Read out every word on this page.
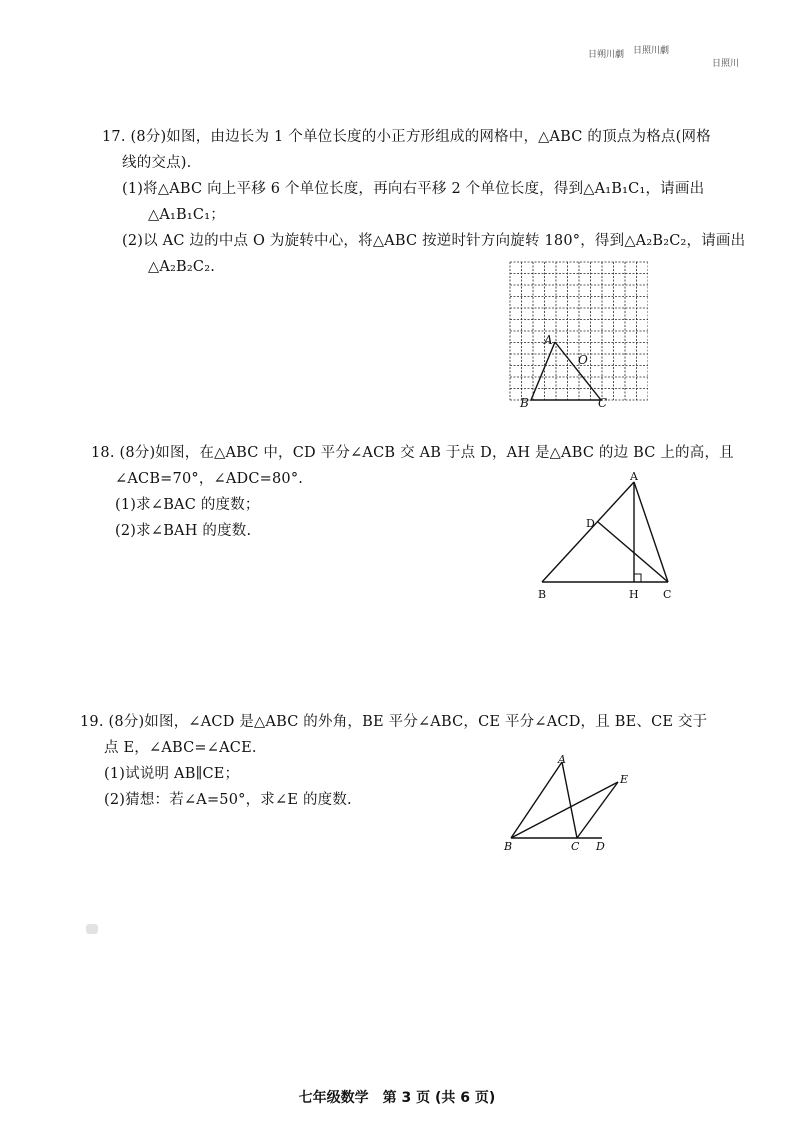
日朔川劇 日照川劇
日照川
17. (8分)如图，由边长为 1 个单位长度的小正方形组成的网格中，△ABC 的顶点为格点(网格
线的交点).
(1)将△ABC 向上平移 6 个单位长度，再向右平移 2 个单位长度，得到△A₁B₁C₁，请画出
△A₁B₁C₁；
(2)以 AC 边的中点 O 为旋转中心，将△ABC 按逆时针方向旋转 180°，得到△A₂B₂C₂，请画出
△A₂B₂C₂.
A
O
B	C
18. (8分)如图，在△ABC 中，CD 平分∠ACB 交 AB 于点 D，AH 是△ABC 的边 BC 上的高，且
∠ACB=70°，∠ADC=80°.
(1)求∠BAC 的度数；
(2)求∠BAH 的度数.
A
D
B	H C
19. (8分)如图，∠ACD 是△ABC 的外角，BE 平分∠ABC，CE 平分∠ACD，且 BE、CE 交于
点 E，∠ABC=∠ACE.
(1)试说明 AB∥CE；
(2)猜想：若∠A=50°，求∠E 的度数.
A
E
B	C D
七年级数学　第 3 页 (共 6 页)
